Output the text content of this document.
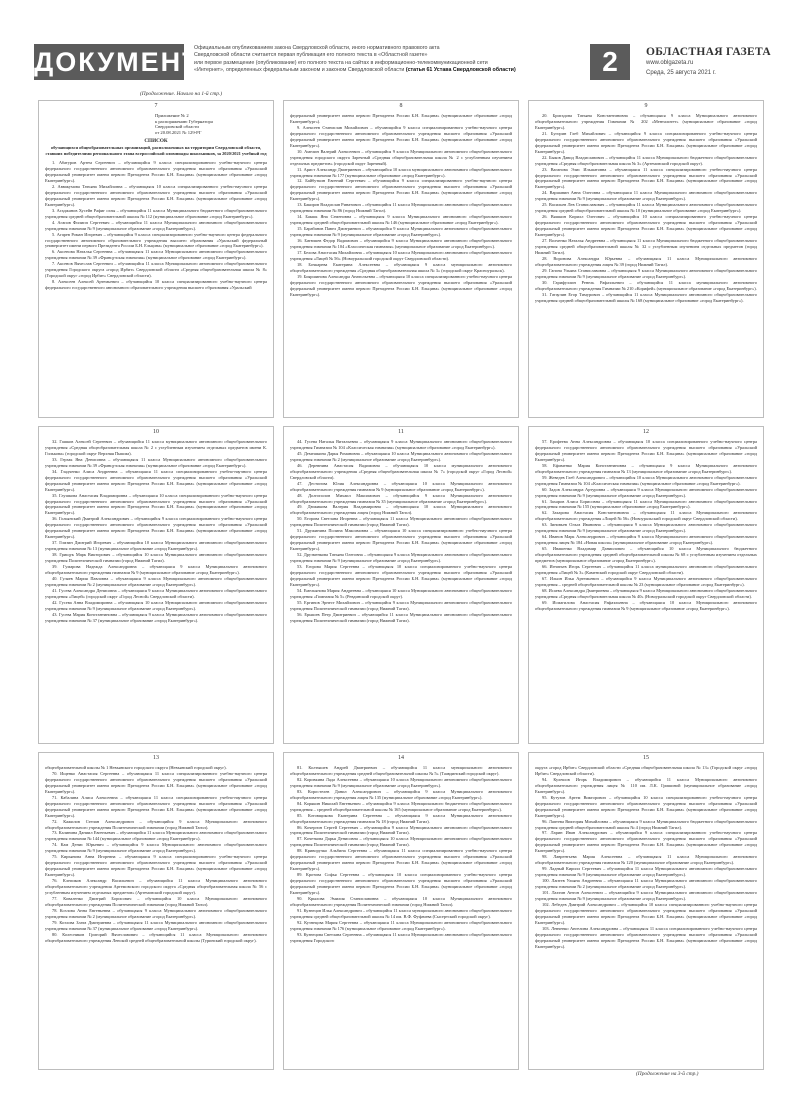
ДОКУМЕНТЫ
Официальным опубликованием закона Свердловской области, иного нормативного правового акта
Свердловской области считается первая публикация его полного текста в «Областной газете»
или первое размещение (опубликование) его полного текста на сайтах в информационно-телекоммуникационной сети
«Интернет», определенных федеральным законом и законом Свердловской области (статья 61 Устава Свердловской области)	2	ОБЛАСТНАЯ ГАЗЕТА
www.oblgazeta.ru
Среда, 25 августа 2021 г.
(Продолжение. Начало на 1-й стр.)
7
Приложение № 2
к распоряжению Губернатора
Свердловской области
от 20.08.2021 № 129-РГ
СПИСОК
обучающихся общеобразовательных организаций, расположенных на территории Свердловской области, ставших победителями регионального этапа всероссийской олимпиады школьников, за 2020/2021 учебный год

1. Абатуров Артем Сергеевич – обучающийся 9 класса специализированного учебно-научного центра федерального государственного автономного образовательного учреждения высшего образования «Уральский федеральный университет имени первого Президента России Б.Н. Ельцина» (муниципальное образование «город Екатеринбург»).

2. Аввакумова Татьяна Михайловна – обучающаяся 10 класса специализированного учебно-научного центра федерального государственного автономного образовательного учреждения высшего образования «Уральский федеральный университет имени первого Президента России Б.Н. Ельцина» (муниципальное образование «город Екатеринбург»).

3. Агаджанов Хусейн Рафиг оглы – обучающийся 11 класса Муниципального бюджетного общеобразовательного учреждения средней общеобразовательной школы № 112 (муниципальное образование «город Екатеринбург»).

4. Агапов Филипп Сергеевич – обучающийся 11 класса Муниципального автономного общеобразовательного учреждения гимназии № 9 (муниципальное образование «город Екатеринбург»).

5. Агарев Роман Игоревич – обучающийся 9 класса специализированного учебно-научного центра федерального государственного автономного образовательного учреждения высшего образования «Уральский федеральный университет имени первого Президента России Б.Н. Ельцина» (муниципальное образование «город Екатеринбург»).

6. Аксенова Наталья Сергеевна – обучающаяся 11 класса Муниципального автономного общеобразовательного учреждения гимназии № 39 «Французская гимназия» (муниципальное образование «город Екатеринбург»).

7. Аксенов Вячеслав Сергеевич – обучающийся 11 класса Муниципального автономного общеобразовательного учреждения Городского округа «город Ирбит» Свердловской области «Средняя общеобразовательная школа № 8» (Городской округ «город Ирбит» Свердловской области).

8. Алексеев Алексей Артемьевич – обучающийся 10 класса специализированного учебно-научного центра федерального государственного автономного образовательного учреждения высшего образования «Уральский

8

федеральный университет имени первого Президента России Б.Н. Ельцина» (муниципальное образование «город Екатеринбург»).

9. Алексеев Станислав Михайлович – обучающийся 9 класса специализированного учебно-научного центра федерального государственного автономного образовательного учреждения высшего образования «Уральский федеральный университет имени первого Президента России Б.Н. Ельцина» (муниципальное образование «город Екатеринбург»).

10. Амелин Валерий Алексеевич – обучающийся 9 класса Муниципального автономного общеобразовательного учреждения городского округа Заречный «Средняя общеобразовательная школа № 2 с углубленным изучением отдельных предметов» (городской округ Заречный).

11. Арист Александр Дмитриевич – обучающийся 10 класса муниципального автономного общеобразовательного учреждения гимназии № 177 (муниципальное образование «город Екатеринбург»).

12. Байбуткин Евгений Сергеевич – обучающийся 9 класса специализированного учебно-научного центра федерального государственного автономного образовательного учреждения высшего образования «Уральский федеральный университет имени первого Президента России Б.Н. Ельцина» (муниципальное образование «город Екатеринбург»).

13. Бакиров Владислав Ринатович – обучающийся 11 класса Муниципального автономного общеобразовательного учреждения гимназии № 86 (город Нижний Тагил).

14. Бакшк Яна Семеновна – обучающаяся 9 класса Муниципального автономного общеобразовательного учреждения средней общеобразовательной школы № 146 (муниципальное образование «город Екатеринбург»).

15. Барабанов Павел Дмитриевич – обучающийся 9 класса Муниципального автономного общеобразовательного учреждения гимназии № 9 (муниципальное образование «город Екатеринбург»).

16. Батюшев Федор Вадимович – обучающийся 9 класса Муниципального автономного общеобразовательного учреждения гимназии № 104 «Классическая гимназия» (муниципальное образование «город Екатеринбург»).

17. Белова Анастасия Михайловна – обучающаяся 10 класса Муниципального автономного общеобразовательного учреждения «Лицей № 56» (Новоуральский городской округ Свердловской области).

18. Бочкарева Екатерина Алексеевна – обучающаяся 9 класса муниципального автономного общеобразовательного учреждения «Средняя общеобразовательная школа № 3» (городской округ Красноуральск).

19. Бояршинова Александра Анатольевна – обучающаяся 10 класса специализированного учебно-научного центра федерального государственного автономного образовательного учреждения высшего образования «Уральский федеральный университет имени первого Президента России Б.Н. Ельцина» (муниципальное образование «город Екатеринбург»).

9

20. Бригадова Татьяна Константиновна – обучающаяся 9 класса Муниципального автономного общеобразовательного учреждения Гимназии № 202 «Менталитет» (муниципальное образование «город Екатеринбург»).

21. Бугорин Глеб Михайлович – обучающийся 9 класса специализированного учебно-научного центра федерального государственного автономного образовательного учреждения высшего образования «Уральский федеральный университет имени первого Президента России Б.Н. Ельцина» (муниципальное образование «город Екатеринбург»).

22. Быков Давид Владиславович – обучающийся 11 класса Муниципального бюджетного общеобразовательного учреждения «Средняя общеобразовательная школа № 3» (Артемовский городской округ).

23. Ваганова Элис Ильшатовна – обучающаяся 11 класса специализированного учебно-научного центра федерального государственного автономного образовательного учреждения высшего образования «Уральский федеральный университет имени первого Президента России Б.Н. Ельцина» (муниципальное образование «город Екатеринбург»).

24. Варшавин Анна Олеговна – обучающаяся 11 класса Муниципального автономного общеобразовательного учреждения гимназии № 9 (муниципальное образование «город Екатеринбург»).

25. Васильев Лев Станиславович – обучающийся 11 класса Муниципального автономного общеобразовательного учреждения средней общеобразовательной школы № 10 (муниципальное образование «город Екатеринбург»).

26. Вяшкин Кирилл Олегович – обучающийся 10 класса специализированного учебно-научного центра федерального государственного автономного образовательного учреждения высшего образования «Уральский федеральный университет имени первого Президента России Б.Н. Ельцина» (муниципальное образование «город Екатеринбург»).

27. Волченко Наталья Андреевна – обучающаяся 11 класса Муниципального бюджетного общеобразовательного учреждения средней общеобразовательной школы № 32 с углубленным изучением отдельных предметов (город Нижний Тагил).

28. Воронова Александра Юрьевна – обучающаяся 11 класса Муниципального автономного общеобразовательного учреждения лицея № 39 (город Нижний Тагил).

29. Гагина Ульяна Станиславовна – обучающаяся 9 класса Муниципального автономного общеобразовательного учреждения гимназии № 9 (муниципальное образование «город Екатеринбург»).

30. Гарифуллин Ренель Рафаэльевич – обучающийся 11 класса муниципального автономного общеобразовательного учреждения Гимназии № 210 «Корифей» (муниципальное образование «город Екатеринбург»).

31. Гатаулин Егор Тимурович – обучающийся 11 класса Муниципального автономного общеобразовательного учреждения средней общеобразовательной школы № 168 (муниципальное образование «город Екатеринбург»).

10

32. Гашков Алексей Сергеевич – обучающийся 11 класса муниципального автономного общеобразовательного учреждения «Средняя общеобразовательная школа № 2 с углубленным изучением отдельных предметов имени К. Гилькова» (городской округ Верхняя Пышма).

33. Герзак Яна Денисовна – обучающаяся 11 класса Муниципального автономного общеобразовательного учреждения гимназии № 39 «Французская гимназия» (муниципальное образование «город Екатеринбург»).

34. Гладченко Алиса Андреевна – обучающаяся 11 класса специализированного учебно-научного центра федерального государственного автономного образовательного учреждения высшего образования «Уральский федеральный университет имени первого Президента России Б.Н. Ельцина» (муниципальное образование «город Екатеринбург»).

35. Глушкова Анастасия Владимировна – обучающаяся 10 класса специализированного учебно-научного центра федерального государственного автономного образовательного учреждения высшего образования «Уральский федеральный университет имени первого Президента России Б.Н. Ельцина» (муниципальное образование «город Екатеринбург»).

36. Гольянский Дмитрий Александрович – обучающийся 9 класса специализированного учебно-научного центра федерального государственного автономного образовательного учреждения высшего образования «Уральский федеральный университет имени первого Президента России Б.Н. Ельцина» (муниципальное образование «город Екатеринбург»).

37. Гомзин Дмитрий Игоревич – обучающийся 10 класса Муниципального автономного общеобразовательного учреждения гимназии № 13 (муниципальное образование «город Екатеринбург»).

38. Грищук Марк Викторович – обучающийся 10 класса Муниципального автономного общеобразовательного учреждения Политехнической гимназии (город Нижний Тагил).

39. Гумарова Надежда Александровна – обучающаяся 9 класса Муниципального автономного общеобразовательного учреждения гимназии № 9 (муниципальное образование «город Екатеринбург»).

40. Гуляев Мария Павловна – обучающаяся 9 класса Муниципального автономного общеобразовательного учреждения гимназии № 2 (муниципальное образование «город Екатеринбург»).

41. Гусева Александра Денисовна – обучающаяся 9 класса Муниципального автономного общеобразовательного учреждения «Лицей» (городской округ «Город Лесной» Свердловской области).

42. Гусева Анна Владимировна – обучающаяся 10 класса Муниципального автономного общеобразовательного учреждения гимназии № 9 (муниципальное образование «город Екатеринбург»).

43. Гусева Мария Константиновна – обучающаяся 9 класса Муниципального автономного общеобразовательного учреждения гимназии № 37 (муниципальное образование «город Екатеринбург»).

11

44. Гусева Наталья Витальевна – обучающаяся 9 класса Муниципального автономного общеобразовательного учреждения Гимназии № 104 «Классическая гимназия» (муниципальное образование «город Екатеринбург»).

45. Демешкина Дарья Романовна – обучающаяся 10 класса Муниципального автономного общеобразовательного учреждения гимназии № 2 (муниципальное образование «город Екатеринбург»).

46. Деревнина Анастасия Вадимовна – обучающаяся 10 класса муниципального автономного общеобразовательного учреждения «Средняя общеобразовательная школа № 7» (городской округ «Город Лесной» Свердловской области).

47. Дестигова Юлия Александровна – обучающаяся 10 класса Муниципального автономного общеобразовательного учреждения гимназии № 9 (муниципальное образование «город Екатеринбург»).

48. Долгополов Михаил Максимович – обучающийся 9 класса Муниципального автономного общеобразовательного учреждения гимназии № 35 (муниципальное образование «город Екатеринбург»).

49. Дюжикова Валерия Владимировна – обучающаяся 10 класса Муниципального автономного общеобразовательного учреждения лицея (город Нижний Тагил).

50. Егорова Светлана Игоревна – обучающаяся 11 класса Муниципального автономного общеобразовательного учреждения Политехнической гимназии (город Нижний Тагил).

51. Дружинина Полина Максимовна – обучающаяся 10 класса специализированного учебно-научного центра федерального государственного автономного образовательного учреждения высшего образования «Уральский федеральный университет имени первого Президента России Б.Н. Ельцина» (муниципальное образование «город Екатеринбург»).

52. Друзменкова Татьяна Олеговна – обучающаяся 9 класса Муниципального автономного общеобразовательного учреждения гимназии № 9 (муниципальное образование «город Екатеринбург»).

53. Егорова Мария Сергеевна – обучающаяся 10 класса специализированного учебно-научного центра федерального государственного автономного образовательного учреждения высшего образования «Уральский федеральный университет имени первого Президента России Б.Н. Ельцина» (муниципальное образование «город Екатеринбург»).

54. Емельянова Мария Андреевна – обучающаяся 10 класса Муниципального автономного общеобразовательного учреждения «Гимназия № 5» (Ревдинский городской округ).

55. Ергинов Эрнест Михайлович – обучающийся 9 класса Муниципального автономного общеобразовательного учреждения Политехнической гимназии (город Нижний Тагил).

56. Ерышев Петр Дмитриевич – обучающийся 11 класса Муниципального автономного общеобразовательного учреждения Политехнической гимназии (город Нижний Тагил).

12

57. Ерофеева Анна Александровна – обучающаяся 10 класса специализированного учебно-научного центра федерального государственного автономного образовательного учреждения высшего образования «Уральский федеральный университет имени первого Президента России Б.Н. Ельцина» (муниципальное образование «город Екатеринбург»).

58. Ефименко Мария Константиновна – обучающаяся 9 класса Муниципального автономного общеобразовательного учреждения гимназии № 13 (муниципальное образование «город Екатеринбург»).

59. Жеведев Глеб Александрович – обучающийся 10 класса Муниципального автономного общеобразовательного учреждения Гимназии № 104 «Классическая гимназия» (муниципальное образование «город Екатеринбург»).

60. Задов Александра Артуровна – обучающаяся 9 класса Муниципального автономного общеобразовательного учреждения гимназии № 9 (муниципальное образование «город Екатеринбург»).

61. Захаров Алиса Борисовна – обучающаяся 11 класса Муниципального автономного общеобразовательного учреждения гимназии № 155 (муниципальное образование «город Екатеринбург»).

62. Захарова Анастасия Константиновна – обучающаяся 11 класса Муниципального автономного общеобразовательного учреждения «Лицей № 56» (Новоуральский городской округ Свердловской области).

63. Зиновьев Ольга Ивановна – обучающаяся 9 класса Муниципального автономного общеобразовательного учреждения гимназии № 9 (муниципальное образование «город Екатеринбург»).

64. Иванов Марк Александрович – обучающийся 9 класса Муниципального автономного общеобразовательного учреждения лицея № 184 «Новая школа» (муниципальное образование «город Екатеринбург»).

65. Ивашенко Владимир Даниилович – обучающийся 10 класса Муниципального бюджетного общеобразовательного учреждения средней общеобразовательной школы № 68 с углубленным изучением отдельных предметов (муниципальное образование «город Екатеринбург»).

66. Игнатьев Игорь Сергеевич – обучающийся 11 класса муниципального автономного общеобразовательного учреждения «Лицей № 3» (Каменский городской округ Свердловской области).

67. Ильин Илья Артемьевич – обучающийся 9 класса Муниципального автономного общеобразовательного учреждения – средней общеобразовательной школы № 23 (муниципальное образование «город Екатеринбург»).

68. Исаева Александра Дмитриевна – обучающаяся 9 класса Муниципального автономного общеобразовательного учреждения «Средняя общеобразовательная школа № 40» (Новоуральский городской округ Свердловской области).

69. Исмагилова Анастасия Рафаэльевна – обучающаяся 10 класса Муниципального автономного общеобразовательного учреждения гимназии № 9 (муниципальное образование «город Екатеринбург»).

13

общеобразовательной школы № 1 Невьянского городского округа (Невьянский городской округ).

70. Ищенко Анастасия Сергеевна – обучающаяся 11 класса специализированного учебно-научного центра федерального государственного автономного образовательного учреждения высшего образования «Уральский федеральный университет имени первого Президента России Б.Н. Ельцина» (муниципальное образование «город Екатеринбург»).

71. Кабалина Алиса Алексеевна – обучающаяся 11 класса специализированного учебно-научного центра федерального государственного автономного образовательного учреждения высшего образования «Уральский федеральный университет имени первого Президента России Б.Н. Ельцина» (муниципальное образование «город Екатеринбург»).

72. Кажилов Степан Александрович – обучающийся 9 класса Муниципального автономного общеобразовательного учреждения Политехнической гимназии (город Нижний Тагил).

73. Калинина Даниил Евгеньевич – обучающийся 11 класса Муниципального автономного общеобразовательного учреждения гимназии № 144 (муниципальное образование «город Екатеринбург»).

74. Кам Денис Юрьевич – обучающийся 9 класса Муниципального автономного общеобразовательного учреждения гимназии № 9 (муниципальное образование «город Екатеринбург»).

75. Кирьянова Анна Игоревна – обучающаяся 9 класса специализированного учебно-научного центра федерального государственного автономного образовательного учреждения высшего образования «Уральский федеральный университет имени первого Президента России Б.Н. Ельцина» (муниципальное образование «город Екатеринбург»).

76. Клепиков Александр Васильевич – обучающийся 11 класса Муниципального автономного общеобразовательного учреждения Артемовского городского округа «Средняя общеобразовательная школа № 56 с углубленным изучением отдельных предметов» (Артемовский городской округ).

77. Коваленко Дмитрий Борисович – обучающийся 10 класса Муниципального автономного общеобразовательного учреждения Политехнической гимназии (город Нижний Тагил).

78. Козлова Анна Евгеньевна – обучающаяся 9 класса Муниципального автономного общеобразовательного учреждения гимназии № 2 (муниципальное образование «город Екатеринбург»).

79. Козлова Злата Дмитриевна – обучающаяся 11 класса Муниципального автономного общеобразовательного учреждения гимназии № 37 (муниципальное образование «город Екатеринбург»).

80. Колесников Григорий Вячеславович – обучающийся 11 класса Муниципального автономного общеобразовательного учреждения Ленской средней общеобразовательной школы (Туринский городской округ).

14

81. Колтышев Андрей Дмитриевич – обучающийся 11 класса муниципального автономного общеобразовательного учреждения средней общеобразовательной школы № 5» (Таавдинский городской округ).

82. Коровкина Лада Алексеевна – обучающаяся 10 класса Муниципального автономного общеобразовательного учреждения гимназии № 9 (муниципальное образование «город Екатеринбург»).

83. Коростелев Данил Александрович – обучающийся 9 класса Муниципального автономного общеобразовательного учреждения лицея № 135 (муниципальное образование «город Екатеринбург»).

84. Корякин Николай Евгеньевич – обучающийся 9 класса Муниципального бюджетного общеобразовательного учреждения – средней общеобразовательной школы № 165 (муниципальное образование «город Екатеринбург»).

85. Котовщикова Екатерина Сергеевна – обучающаяся 9 класса Муниципального автономного общеобразовательного учреждения гимназии № 18 (город Нижний Тагил).

86. Кочергин Сергей Сергеевич – обучающийся 9 класса Муниципального автономного общеобразовательного учреждения Политехнической гимназии (город Нижний Тагил).

87. Кочеткова Дарья Денисовна – обучающаяся 10 класса Муниципального автономного общеобразовательного учреждения Политехнической гимназии (город Нижний Тагил).

88. Криворучко Альбина Сергеевна – обучающаяся 11 класса специализированного учебно-научного центра федерального государственного автономного образовательного учреждения высшего образования «Уральский федеральный университет имени первого Президента России Б.Н. Ельцина» (муниципальное образование «город Екатеринбург»).

89. Кротова Софья Сергеевна – обучающаяся 10 класса специализированного учебно-научного центра федерального государственного автономного образовательного учреждения высшего образования «Уральский федеральный университет имени первого Президента России Б.Н. Ельцина» (муниципальное образование «город Екатеринбург»).

90. Крылова Эмилия Станиславовна – обучающаяся 10 класса Муниципального автономного общеобразовательного учреждения Политехнической гимназии (город Нижний Тагил).

91. Кузнецов Илья Александрович – обучающийся 11 класса муниципального автономного общеобразовательного учреждения средней общеобразовательной школы № 14 им. В.Ф. Фуфачева (Сысертский городской округ).

92. Кузнецова Мария Сергеевна – обучающаяся 11 класса Муниципального автономного общеобразовательного учреждения гимназии № 176 (муниципальное образование «город Екатеринбург»).

93. Кузнецова Светлана Сергеевна – обучающаяся 11 класса Муниципального автономного общеобразовательного учреждения Городского

15

округа «город Ирбит» Свердловской области «Средняя общеобразовательная школа № 13» (Городской округ «город Ирбит» Свердловской области).

94. Кулешов Игорь Владимирович – обучающийся 11 класса Муниципального автономного общеобразовательного учреждения лицея № 110 им. Л.К. Гришиной (муниципальное образование «город Екатеринбург»).

95. Кутузов Артем Викторович – обучающийся 10 класса специализированного учебно-научного центра федерального государственного автономного образовательного учреждения высшего образования «Уральский федеральный университет имени первого Президента России Б.Н. Ельцина» (муниципальное образование «город Екатеринбург»).

96. Лаптева Виктория Михайловна – обучающаяся 9 класса Муниципального бюджетного общеобразовательного учреждения средней общеобразовательной школы № 4 (город Нижний Тагил).

97. Ларин Иван Александрович – обучающийся 9 класса специализированного учебно-научного центра федерального государственного автономного образовательного учреждения высшего образования «Уральский федеральный университет имени первого Президента России Б.Н. Ельцина» (муниципальное образование «город Екатеринбург»).

98. Лаврентьева Мария Алексеевна – обучающаяся 11 класса Муниципального автономного общеобразовательного учреждения гимназии № 120 (муниципальное образование «город Екатеринбург»).

99. Ладный Кирилл Сергеевич – обучающийся 11 класса Муниципального автономного общеобразовательного учреждения гимназии № 9 (муниципальное образование «город Екатеринбург»).

100. Лаптев Ульяна Андреевна – обучающаяся 11 класса Муниципального автономного общеобразовательного учреждения гимназии № 2 (муниципальное образование «город Екатеринбург»).

101. Лахтин Антон Алексеевич – обучающийся 9 класса Муниципального автономного общеобразовательного учреждения гимназии № 9 (муниципальное образование «город Екатеринбург»).

102. Лебедев Дмитрий Александрович – обучающийся 10 класса специализированного учебно-научного центра федерального государственного автономного образовательного учреждения высшего образования «Уральский федеральный университет имени первого Президента России Б.Н. Ельцина» (муниципальное образование «город Екатеринбург»).

103. Левченко Ангелина Александровна – обучающаяся 11 класса специализированного учебно-научного центра федерального государственного автономного образовательного учреждения высшего образования «Уральский федеральный университет имени первого Президента России Б.Н. Ельцина» (муниципальное образование «город Екатеринбург»).

(Продолжение на 3-й стр.)
